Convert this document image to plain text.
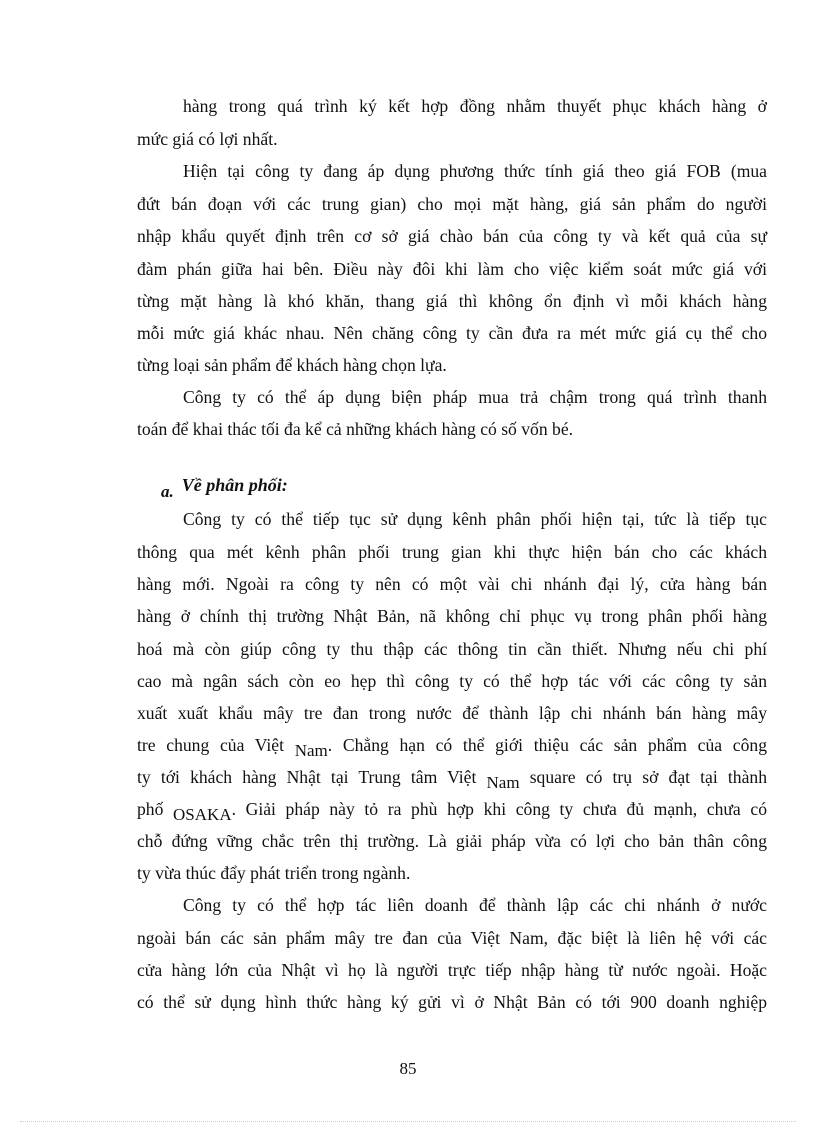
hàng trong quá trình ký kết hợp đồng nhằm thuyết phục khách hàng ở
mức giá có lợi nhất.
Hiện tại công ty đang áp dụng phương thức tính giá theo giá FOB (mua
đứt bán đoạn với các trung gian) cho mọi mặt hàng, giá sản phẩm do người
nhập khẩu quyết định trên cơ sở giá chào bán của công ty và kết quả của sự
đàm phán giữa hai bên. Điều này đôi khi làm cho việc kiểm soát mức giá với
từng mặt hàng là khó khăn, thang giá thì không ổn định vì mỗi khách hàng
mỗi mức giá khác nhau. Nên chăng công ty cần đưa ra mét mức giá cụ thể cho
từng loại sản phẩm để khách hàng chọn lựa.
Công ty có thể áp dụng biện pháp mua trả chậm trong quá trình thanh
toán để khai thác tối đa kể cả những khách hàng có số vốn bé.
a. Về phân phối:
Công ty có thể tiếp tục sử dụng kênh phân phối hiện tại, tức là tiếp tục
thông qua mét kênh phân phối trung gian khi thực hiện bán cho các khách
hàng mới. Ngoài ra công ty nên có một vài chi nhánh đại lý, cửa hàng bán
hàng ở chính thị trường Nhật Bản, nã không chỉ phục vụ trong phân phối hàng
hoá mà còn giúp công ty thu thập các thông tin cần thiết. Nhưng nếu chi phí
cao mà ngân sách còn eo hẹp thì công ty có thể hợp tác với các công ty sản
xuất xuất khẩu mây tre đan trong nước để thành lập chi nhánh bán hàng mây
tre chung của Việt Nam. Chẳng hạn có thể giới thiệu các sản phẩm của công
ty tới khách hàng Nhật tại Trung tâm Việt Nam square có trụ sở đạt tại thành
phố OSAKA. Giải pháp này tỏ ra phù hợp khi công ty chưa đủ mạnh, chưa có
chỗ đứng vững chắc trên thị trường. Là giải pháp vừa có lợi cho bản thân công
ty vừa thúc đẩy phát triển trong ngành.
Công ty có thể hợp tác liên doanh để thành lập các chi nhánh ở nước
ngoài bán các sản phẩm mây tre đan của Việt Nam, đặc biệt là liên hệ với các
cửa hàng lớn của Nhật vì họ là người trực tiếp nhập hàng từ nước ngoài. Hoặc
có thể sử dụng hình thức hàng ký gửi vì ở Nhật Bản có tới 900 doanh nghiệp
85
